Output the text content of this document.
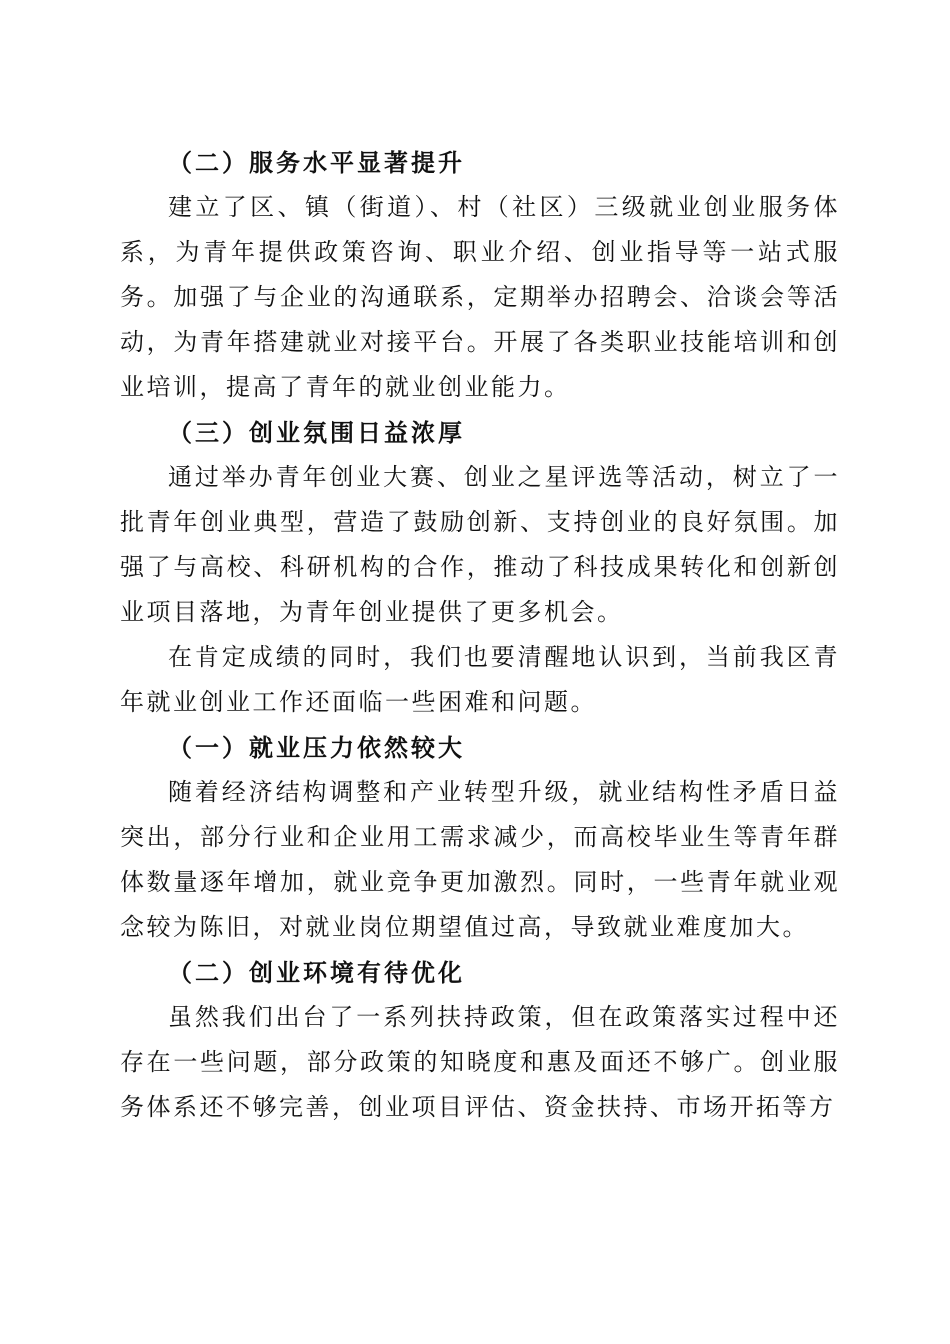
（二）服务水平显著提升

建立了区、镇（街道）、村（社区）三级就业创业服务体系，为青年提供政策咨询、职业介绍、创业指导等一站式服务。加强了与企业的沟通联系，定期举办招聘会、洽谈会等活动，为青年搭建就业对接平台。开展了各类职业技能培训和创业培训，提高了青年的就业创业能力。

（三）创业氛围日益浓厚

通过举办青年创业大赛、创业之星评选等活动，树立了一批青年创业典型，营造了鼓励创新、支持创业的良好氛围。加强了与高校、科研机构的合作，推动了科技成果转化和创新创业项目落地，为青年创业提供了更多机会。

在肯定成绩的同时，我们也要清醒地认识到，当前我区青年就业创业工作还面临一些困难和问题。

（一）就业压力依然较大

随着经济结构调整和产业转型升级，就业结构性矛盾日益突出，部分行业和企业用工需求减少，而高校毕业生等青年群体数量逐年增加，就业竞争更加激烈。同时，一些青年就业观念较为陈旧，对就业岗位期望值过高，导致就业难度加大。

（二）创业环境有待优化

虽然我们出台了一系列扶持政策，但在政策落实过程中还存在一些问题，部分政策的知晓度和惠及面还不够广。创业服务体系还不够完善，创业项目评估、资金扶持、市场开拓等方
